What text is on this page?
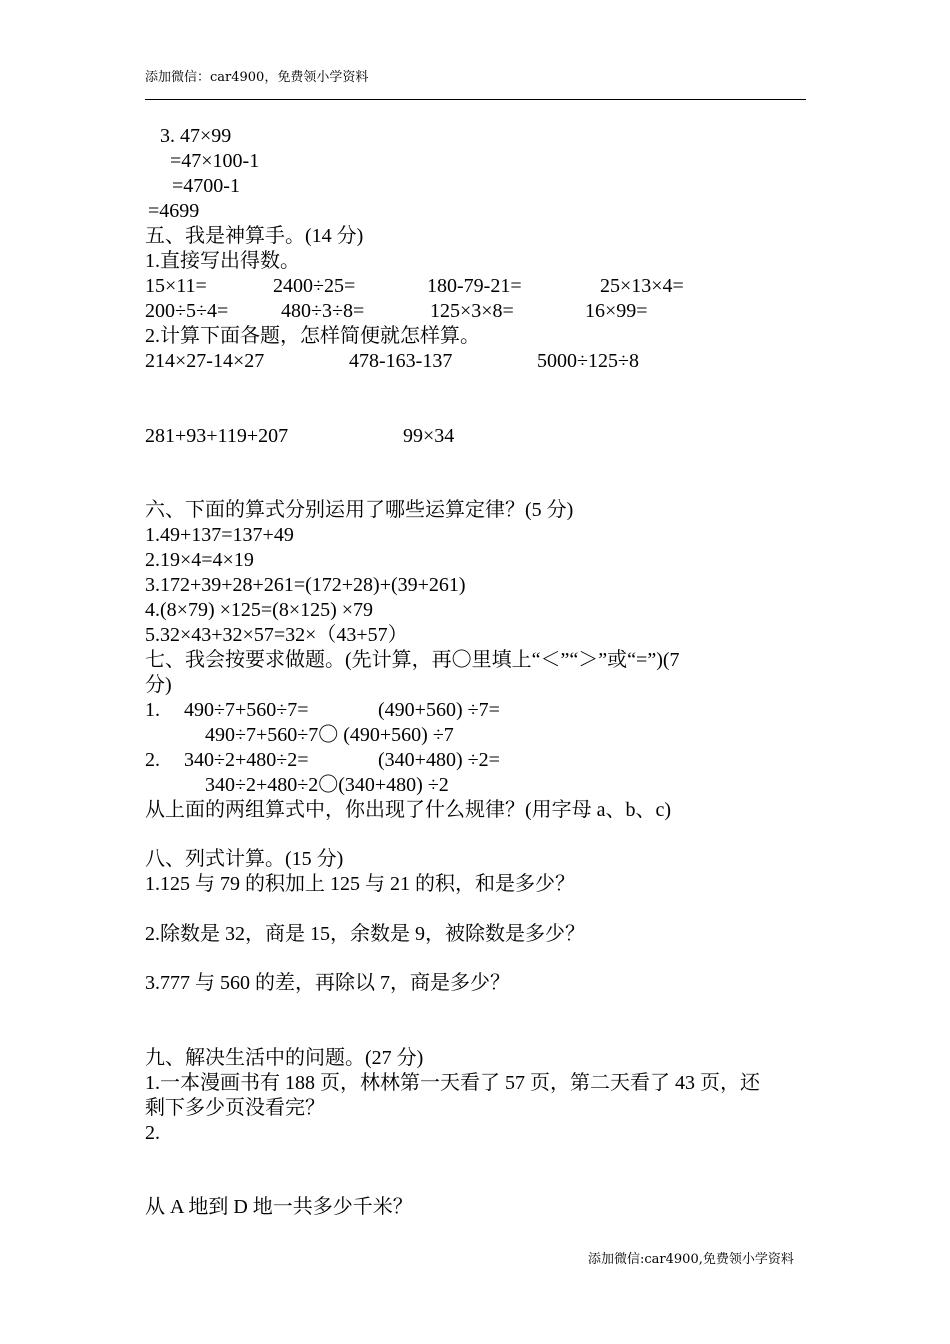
添加微信：car4900，免费领小学资料
3. 47×99
=47×100-1
=4700-1
=4699
五、我是神算手。(14 分)
1.直接写出得数。
15×11=	2400÷25=	180-79-21=	25×13×4=
200÷5÷4=	480÷3÷8=	125×3×8=	16×99=
2.计算下面各题，怎样简便就怎样算。
214×27-14×27	478-163-137	5000÷125÷8
281+93+119+207	99×34
六、下面的算式分别运用了哪些运算定律？(5 分)
1.49+137=137+49
2.19×4=4×19
3.172+39+28+261=(172+28)+(39+261)
4.(8×79) ×125=(8×125) ×79
5.32×43+32×57=32×（43+57）
七、我会按要求做题。(先计算，再〇里填上“＜”“＞”或“=”)(7
分)
1. 490÷7+560÷7=	(490+560) ÷7=
490÷7+560÷7〇 (490+560) ÷7
2. 340÷2+480÷2=	(340+480) ÷2=
340÷2+480÷2〇(340+480) ÷2
从上面的两组算式中，你出现了什么规律？(用字母 a、b、c)
八、列式计算。(15 分)
1.125 与 79 的积加上 125 与 21 的积，和是多少？
2.除数是 32，商是 15，余数是 9，被除数是多少？
3.777 与 560 的差，再除以 7，商是多少？
九、解决生活中的问题。(27 分)
1.一本漫画书有 188 页，林林第一天看了 57 页，第二天看了 43 页，还
剩下多少页没看完？
2.
从 A 地到 D 地一共多少千米？
添加微信:car4900,免费领小学资料
